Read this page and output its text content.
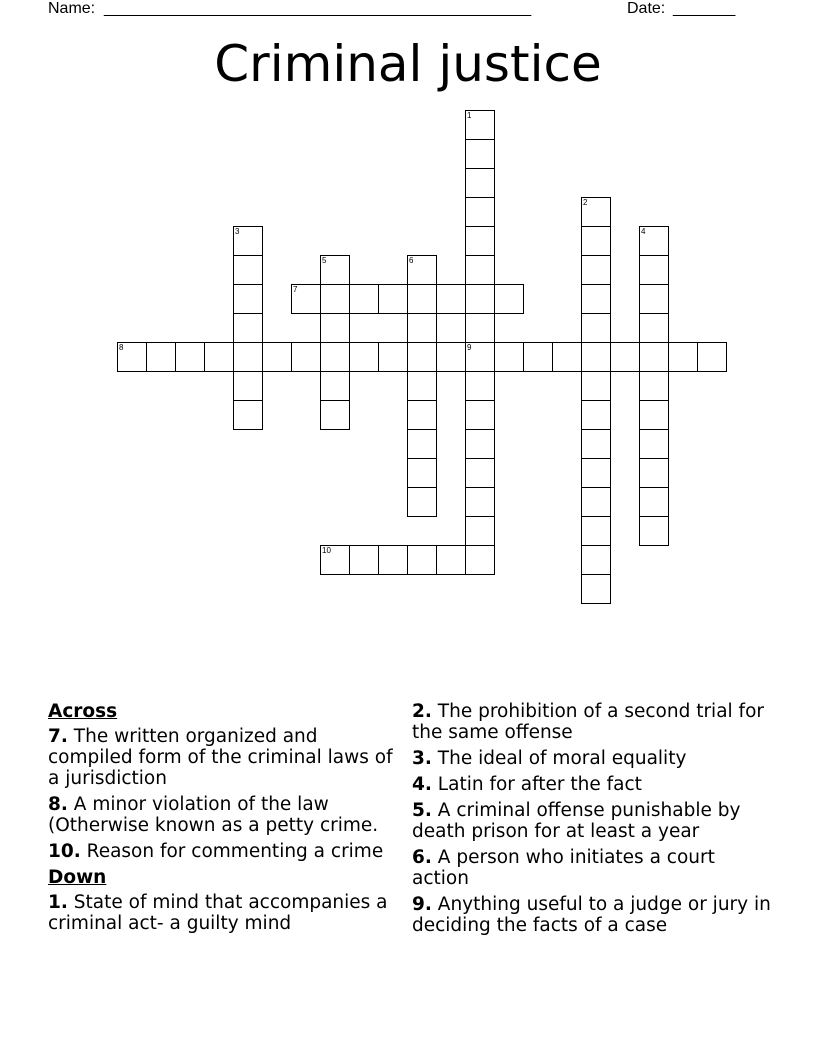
Name: ________________________________________________	Date: _______
Criminal justice
1
9
2
3	4
5	6
7
8
10
Across
7. The written organized and compiled form of the criminal laws of a jurisdiction
8. A minor violation of the law (Otherwise known as a petty crime.
10. Reason for commenting a crime
Down
1. State of mind that accompanies a criminal act- a guilty mind
2. The prohibition of a second trial for the same offense
3. The ideal of moral equality
4. Latin for after the fact
5. A criminal offense punishable by death prison for at least a year
6. A person who initiates a court action
9. Anything useful to a judge or jury in deciding the facts of a case
